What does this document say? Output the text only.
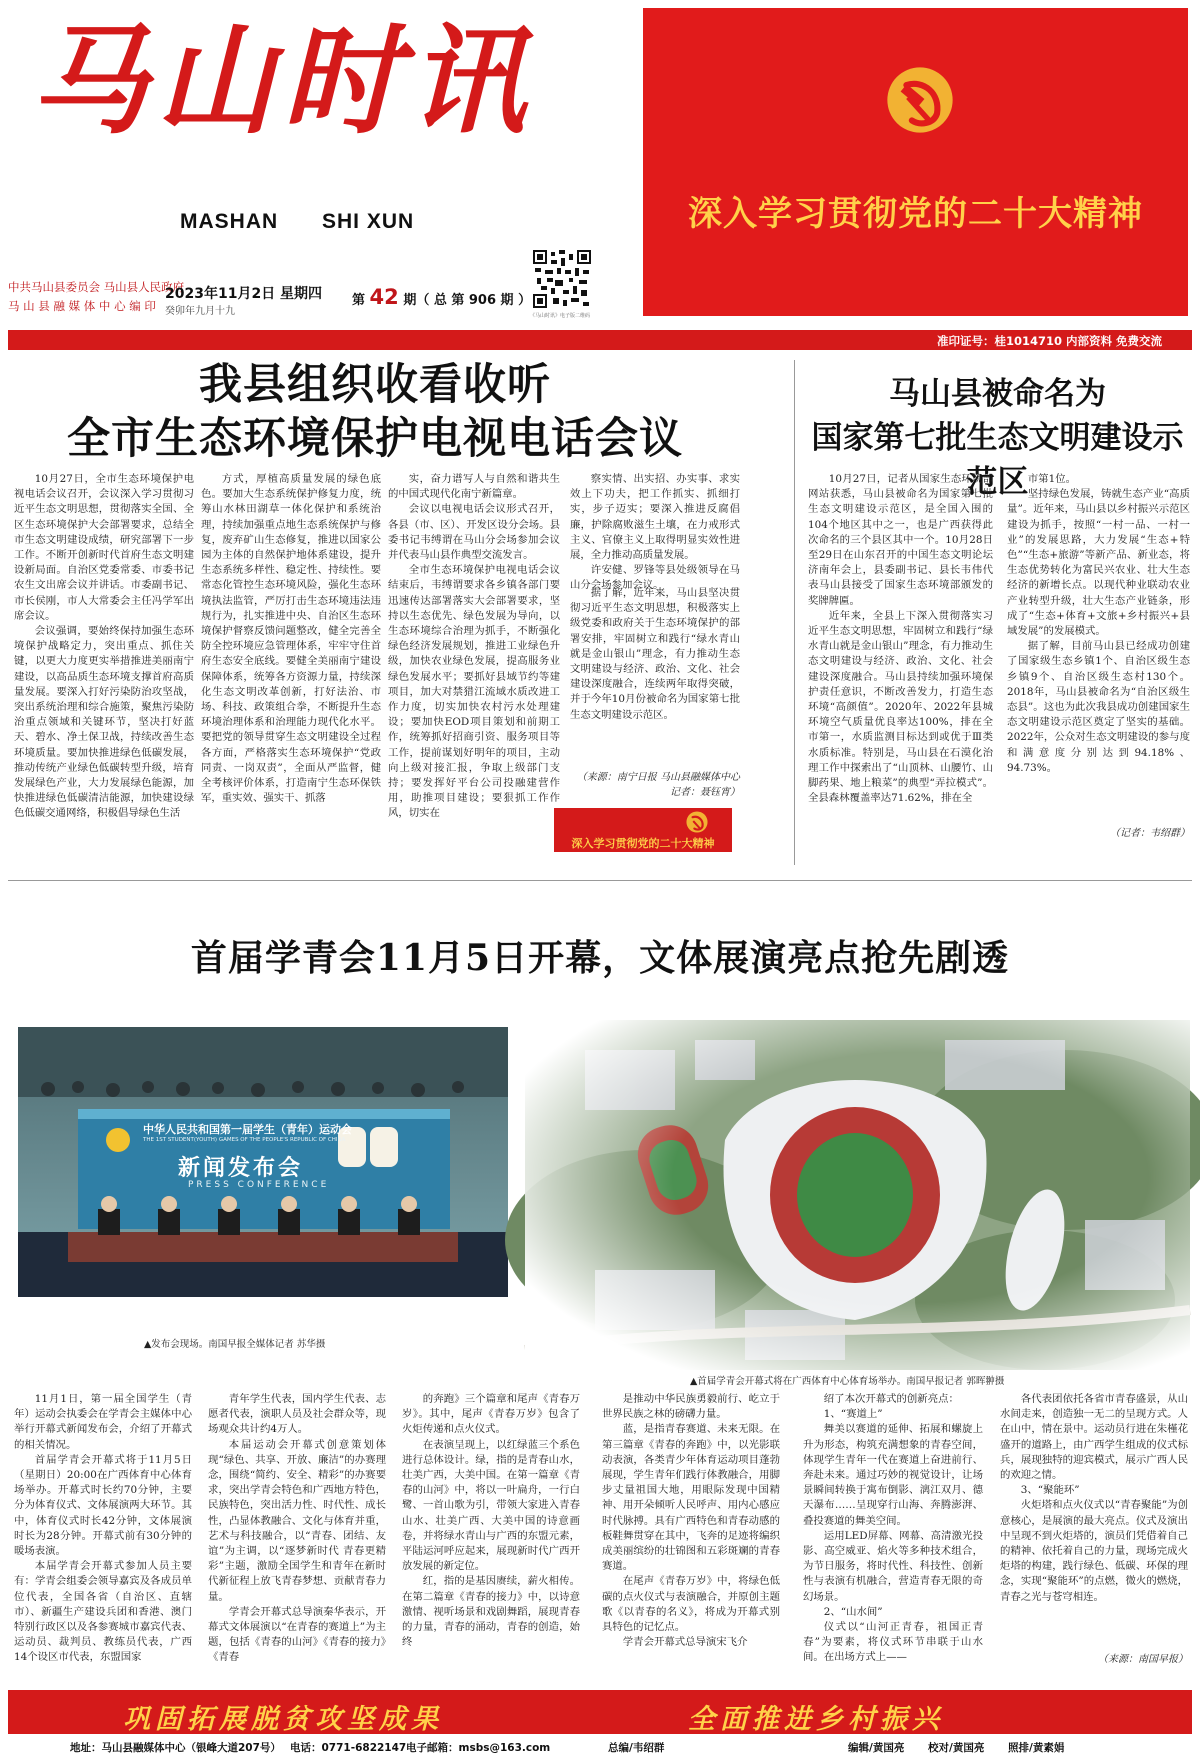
马山时讯
MASHAN SHI XUN	深入学习贯彻党的二十大精神
中共马山县委员会 马山县人民政府
马 山 县 融 媒 体 中 心 编 印
2023年11月2日 星期四
癸卯年九月十九
第 42 期（ 总 第 906 期 ）
《马山时讯》电子版二维码
准印证号：桂1014710 内部资料 免费交流
我县组织收看收听
全市生态环境保护电视电话会议
10月27日，全市生态环境保护电视电话会议召开，会议深入学习贯彻习近平生态文明思想，贯彻落实全国、全区生态环境保护大会部署要求，总结全市生态文明建设成绩，研究部署下一步工作。不断开创新时代首府生态文明建设新局面。自治区党委常委、市委书记农生文出席会议并讲话。市委副书记、市长侯刚，市人大常委会主任冯学军出席会议。
会议强调，要始终保持加强生态环境保护战略定力，突出重点、抓住关键，以更大力度更实举措推进美丽南宁建设，以高品质生态环境支撑首府高质量发展。要深入打好污染防治攻坚战，突出系统治理和综合施策，聚焦污染防治重点领域和关键环节，坚决打好蓝天、碧水、净土保卫战，持续改善生态环境质量。要加快推进绿色低碳发展，推动传统产业绿色低碳转型升级，培育发展绿色产业，大力发展绿色能源，加快推进绿色低碳清洁能源，加快建设绿色低碳交通网络，积极倡导绿色生活
方式，厚植高质量发展的绿色底色。要加大生态系统保护修复力度，统筹山水林田湖草一体化保护和系统治理，持续加强重点地生态系统保护与修复，废弃矿山生态修复，推进以国家公园为主体的自然保护地体系建设，提升生态系统多样性、稳定性、持续性。要常态化管控生态环境风险，强化生态环境执法监管，严厉打击生态环境违法违规行为，扎实推进中央、自治区生态环境保护督察反馈问题整改，健全完善全防全控环境应急管理体系，牢牢守住首府生态安全底线。要健全美丽南宁建设保障体系，统筹各方资源力量，持续深化生态文明改革创新，打好法治、市场、科技、政策组合拳，不断提升生态环境治理体系和治理能力现代化水平。要把党的领导贯穿生态文明建设全过程各方面，严格落实生态环境保护“党政同责、一岗双责”，全面从严监督，健全考核评价体系，打造南宁生态环保铁军，重实效、强实干、抓落
实，奋力谱写人与自然和谐共生的中国式现代化南宁新篇章。
会议以电视电话会议形式召开，各县（市、区）、开发区设分会场。县委书记韦缚谓在马山分会场参加会议并代表马山县作典型交流发言。
全市生态环境保护电视电话会议结束后，韦缚谓要求各乡镇各部门要迅速传达部署落实大会部署要求，坚持以生态优先、绿色发展为导向，以生态环境综合治理为抓手，不断强化绿色经济发展规划，推进工业绿色升级，加快农业绿色发展，提高服务业绿色发展水平；要抓好县域节约等建项目，加大对禁猎江流域水质改进工作力度，切实加快农村污水处理建设；要加快EOD项目策划和前期工作，统筹抓好招商引资、服务项目等工作，提前谋划好明年的项目，主动向上级对接汇报，争取上级部门支持；要发挥好平台公司投融建营作用，助推项目建设；要狠抓工作作风，切实在
察实情、出实招、办实事、求实效上下功夫，把工作抓实、抓细打实，步子迈实；要深入推进反腐倡廉，护除腐败滋生土壤，在力戒形式主义、官僚主义上取得明显实效性进展，全力推动高质量发展。
许安健、罗锋等县处级领导在马山分会场参加会议。
据了解，近年来，马山县坚决贯彻习近平生态文明思想，积极落实上级党委和政府关于生态环境保护的部署安排，牢固树立和践行“绿水青山就是金山银山”理念，有力推动生态文明建设与经济、政治、文化、社会建设深度融合，连续两年取得突破，并于今年10月份被命名为国家第七批生态文明建设示范区。
（来源：南宁日报 马山县融媒体中心
记者：聂钰宵）
深入学习贯彻党的二十大精神
马山县被命名为
国家第七批生态文明建设示范区
10月27日，记者从国家生态环境部网站获悉，马山县被命名为国家第七批生态文明建设示范区，是全国入围的104个地区其中之一，也是广西获得此次命名的三个县区其中一个。10月28日至29日在山东召开的中国生态文明论坛济南年会上，县委副书记、县长韦伟代表马山县接受了国家生态环境部颁发的奖牌牌匾。
近年来，全县上下深入贯彻落实习近平生态文明思想，牢固树立和践行“绿水青山就是金山银山”理念，有力推动生态文明建设与经济、政治、文化、社会建设深度融合。马山县持续加强环境保护责任意识，不断改善发力，打造生态环境“高颜值”。2020年、2022年县城环境空气质量优良率达100%，排在全市第一，水质监测目标达到或优于Ⅲ类水质标准。特别是，马山县在石漠化治理工作中探索出了“山顶林、山腰竹、山脚药果、地上粮菜”的典型“弄拉模式”。全县森林覆盖率达71.62%，排在全
市第1位。
坚持绿色发展，铸就生态产业“高质量”。近年来，马山县以乡村振兴示范区建设为抓手，按照“一村一品、一村一业”的发展思路，大力发展“生态+特色”“生态+旅游”等新产品、新业态，将生态优势转化为富民兴农业、壮大生态经济的新增长点。以现代种业联动农业产业转型升级，壮大生态产业链条，形成了“生态+体育+文旅+乡村振兴+县域发展”的发展模式。
据了解，目前马山县已经成功创建了国家级生态乡镇1个、自治区级生态乡镇9个、自治区级生态村130个。2018年，马山县被命名为“自治区级生态县”。这也为此次我县成功创建国家生态文明建设示范区奠定了坚实的基础。2022年，公众对生态文明建设的参与度和满意度分别达到94.18%、94.73%。
（记者：韦绍群）
首届学青会11月5日开幕，文体展演亮点抢先剧透
中华人民共和国第一届学生（青年）运动会
THE 1ST STUDENT(YOUTH) GAMES OF THE PEOPLE'S REPUBLIC OF CHINA
新闻发布会
PRESS CONFERENCE
▲发布会现场。南国早报全媒体记者 苏华摄
▲首届学青会开幕式将在广西体育中心体育场举办。南国早报记者 郭晖翀摄
11月1日，第一届全国学生（青年）运动会执委会在学青会主媒体中心举行开幕式新闻发布会，介绍了开幕式的相关情况。
首届学青会开幕式将于11月5日（星期日）20:00在广西体育中心体育场举办。开幕式时长约70分钟，主要分为体育仪式、文体展演两大环节。其中，体育仪式时长42分钟，文体展演时长为28分钟。开幕式前有30分钟的暖场表演。
本届学青会开幕式参加人员主要有：学青会组委会领导嘉宾及各成员单位代表，全国各省（自治区、直辖市）、新疆生产建设兵团和香港、澳门特别行政区以及各参赛城市嘉宾代表、运动员、裁判员、教练员代表，广西14个设区市代表，东盟国家
青年学生代表，国内学生代表、志愿者代表，演职人员及社会群众等，现场观众共计约4万人。
本届运动会开幕式创意策划体现“绿色、共享、开放、廉洁”的办赛理念，围绕“简约、安全、精彩”的办赛要求，突出学青会特色和广西地方特色，民族特色，突出活力性、时代性、成长性，凸显体教融合、文化与体育并重，艺术与科技融合，以“青春、团结、友谊”为主调，以“逐梦新时代 青春更精彩”主题，激励全国学生和青年在新时代新征程上放飞青春梦想、贡献青春力量。
学青会开幕式总导演秦华表示，开幕式文体展演以“在青春的赛道上”为主题，包括《青春的山河》《青春的接力》《青春
的奔跑》三个篇章和尾声《青春万岁》。其中，尾声《青春万岁》包含了火炬传递和点火仪式。
在表演呈现上，以红绿蓝三个系色进行总体设计。绿，指的是青春山水，壮美广西，大美中国。在第一篇章《青春的山河》中，将以一叶扁舟，一行白鹭、一首山歌为引，带领大家进入青春山水、壮美广西、大美中国的诗意画卷，并将绿水青山与广西的东盟元素，平陆运河呼应起来，展现新时代广西开放发展的新定位。
红，指的是基因赓续，薪火相传。在第二篇章《青春的接力》中，以诗意激情、视听场景和戏剧舞蹈，展现青春的力量，青春的涌动，青春的创造，始终
是推动中华民族勇毅前行、屹立于世界民族之林的磅礴力量。
蓝，是指青春赛道、未来无限。在第三篇章《青春的奔跑》中，以光影联动表演，各类青少年体育运动项目蓬勃展现，学生青年们践行体教融合，用脚步丈量祖国大地，用眼际发现中国精神、用开朵倾听人民呼声、用内心感应时代脉搏。具有广西特色和青春动感的板鞋舞贯穿在其中，飞奔的足迹将编织成美丽缤纷的壮锦图和五彩斑斓的青春赛道。
在尾声《青春万岁》中，将绿色低碳的点火仪式与表演融合，并原创主题歌《以青春的名义》，将成为开幕式别具特色的记忆点。
学青会开幕式总导演宋飞介
绍了本次开幕式的创新亮点：
1、“赛道上”
舞美以赛道的延伸、拓展和螺旋上升为形态，构筑充满想象的青春空间，体现学生青年一代在赛道上奋进前行、奔赴未来。通过巧妙的视觉设计，让场景瞬间转换于寓布倒影、漓江双月、德天瀑布……呈现穿行山海、奔腾澎湃、叠投赛道的舞美空间。
运用LED屏幕、网幕、高清激光投影、高空威亚、焰火等多种技术组合，为节日服务，将时代性、科技性、创新性与表演有机融合，营造青春无限的奇幻场景。
2、“山水间”
仪式以“山河正青春，祖国正青春”为要素，将仪式环节串联于山水间。在出场方式上——
各代表团依托各省市青春盛景，从山水间走来，创造独一无二的呈现方式。人在山中，情在景中。运动员行进在朱槿花盛开的道路上，由广西学生组成的仪式标兵，展现独特的迎宾模式，展示广西人民的欢迎之情。
3、“聚能环”
火炬塔和点火仪式以“青春聚能”为创意核心，是展演的最大亮点。仪式及演出中呈现不到火炬塔的，演员们凭借着自己的精神、依托着自己的力量，现场完成火炬塔的构建，践行绿色、低碳、环保的理念，实现“聚能环”的点燃，微火的燃烧，青春之光与苍穹相连。
（来源：南国早报）
巩固拓展脱贫攻坚成果	全面推进乡村振兴
地址：马山县融媒体中心（银峰大道207号） 电话：0771-6822147 电子邮箱：msbs@163.com	总编/韦绍群	编辑/黄国亮 校对/黄国亮 照排/黄素娟
